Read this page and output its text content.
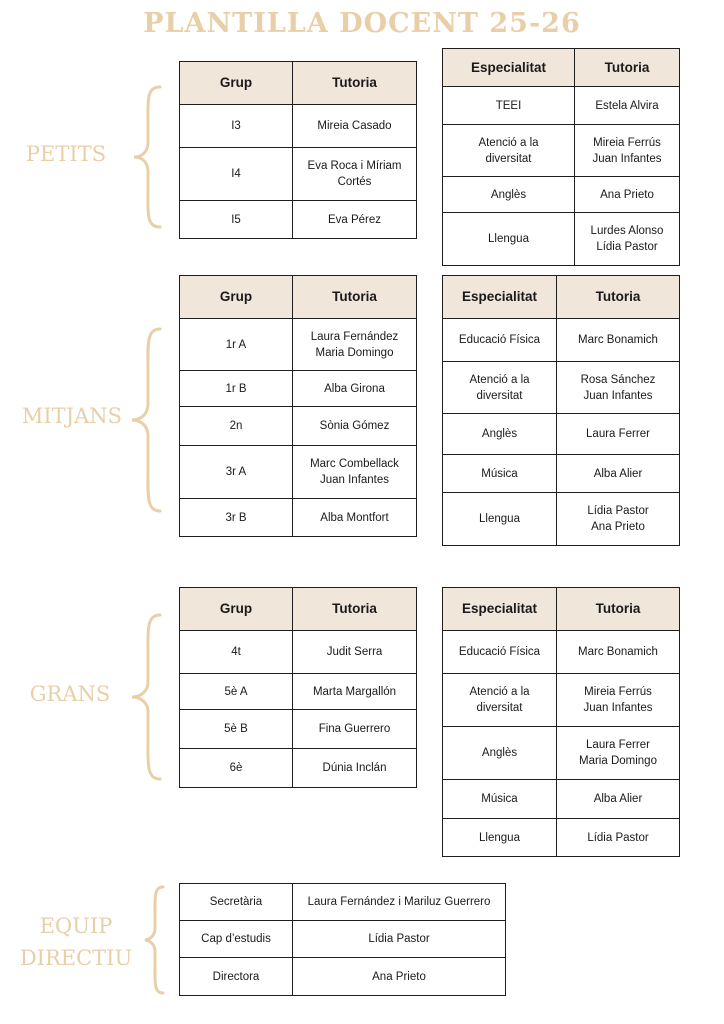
PLANTILLA DOCENT 25-26
PETITS
Grup	Tutoria
I3	Mireia Casado
I4	Eva Roca i Míriam
Cortés
I5	Eva Pérez
Especialitat	Tutoria
TEEI	Estela Alvira
Atenció a la
diversitat	Mireia Ferrús
Juan Infantes
Anglès	Ana Prieto
Llengua	Lurdes Alonso
Lídia Pastor
MITJANS
Grup	Tutoria
1r A	Laura Fernández
Maria Domingo
1r B	Alba Girona
2n	Sònia Gómez
3r A	Marc Combellack
Juan Infantes
3r B	Alba Montfort
Especialitat	Tutoria
Educació Física	Marc Bonamich
Atenció a la
diversitat	Rosa Sánchez
Juan Infantes
Anglès	Laura Ferrer
Música	Alba Alier
Llengua	Lídia Pastor
Ana Prieto
GRANS
Grup	Tutoria
4t	Judit Serra
5è A	Marta Margallón
5è B	Fina Guerrero
6è	Dúnia Inclán
Especialitat	Tutoria
Educació Física	Marc Bonamich
Atenció a la
diversitat	Mireia Ferrús
Juan Infantes
Anglès	Laura Ferrer
Maria Domingo
Música	Alba Alier
Llengua	Lídia Pastor
EQUIP
DIRECTIU
Secretària	Laura Fernández i Mariluz Guerrero
Cap d’estudis	Lídia Pastor
Directora	Ana Prieto
